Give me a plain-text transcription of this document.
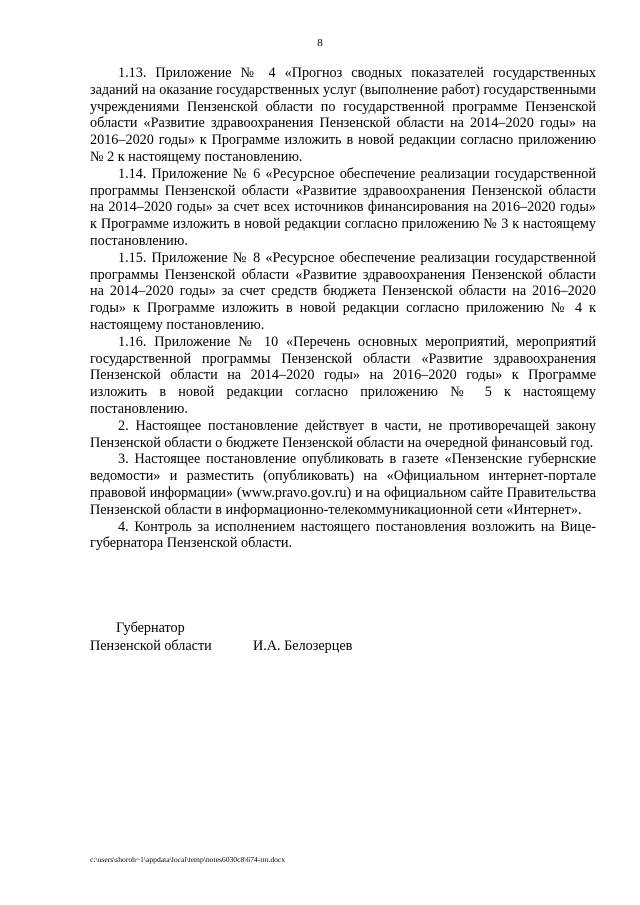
8

1.13. Приложение № 4 «Прогноз сводных показателей государственных заданий на оказание государственных услуг (выполнение работ) государственными учреждениями Пензенской области по государственной программе Пензенской области «Развитие здравоохранения Пензенской области на 2014–2020 годы» на 2016–2020 годы» к Программе изложить в новой редакции согласно приложению № 2 к настоящему постановлению.

1.14. Приложение № 6 «Ресурсное обеспечение реализации государственной программы Пензенской области «Развитие здравоохранения Пензенской области на 2014–2020 годы» за счет всех источников финансирования на 2016–2020 годы» к Программе изложить в новой редакции согласно приложению № 3 к настоящему постановлению.

1.15. Приложение № 8 «Ресурсное обеспечение реализации государственной программы Пензенской области «Развитие здравоохранения Пензенской области на 2014–2020 годы» за счет средств бюджета Пензенской области на 2016–2020 годы» к Программе изложить в новой редакции согласно приложению № 4 к настоящему постановлению.

1.16. Приложение № 10 «Перечень основных мероприятий, мероприятий государственной программы Пензенской области «Развитие здравоохранения Пензенской области на 2014–2020 годы» на 2016–2020 годы» к Программе изложить в новой редакции согласно приложению № 5 к настоящему постановлению.

2. Настоящее постановление действует в части, не противоречащей закону Пензенской области о бюджете Пензенской области на очередной финансовый год.

3. Настоящее постановление опубликовать в газете «Пензенские губернские ведомости» и разместить (опубликовать) на «Официальном интернет-портале правовой информации» (www.pravo.gov.ru) и на официальном сайте Правительства Пензенской области в информационно-телекоммуникационной сети «Интернет».

4. Контроль за исполнением настоящего постановления возложить на Вице-губернатора Пензенской области.

Губернатор
Пензенской области	И.А. Белозерцев
c:\users\shoroh~1\appdata\local\temp\notes6030c8\674-пп.docx
